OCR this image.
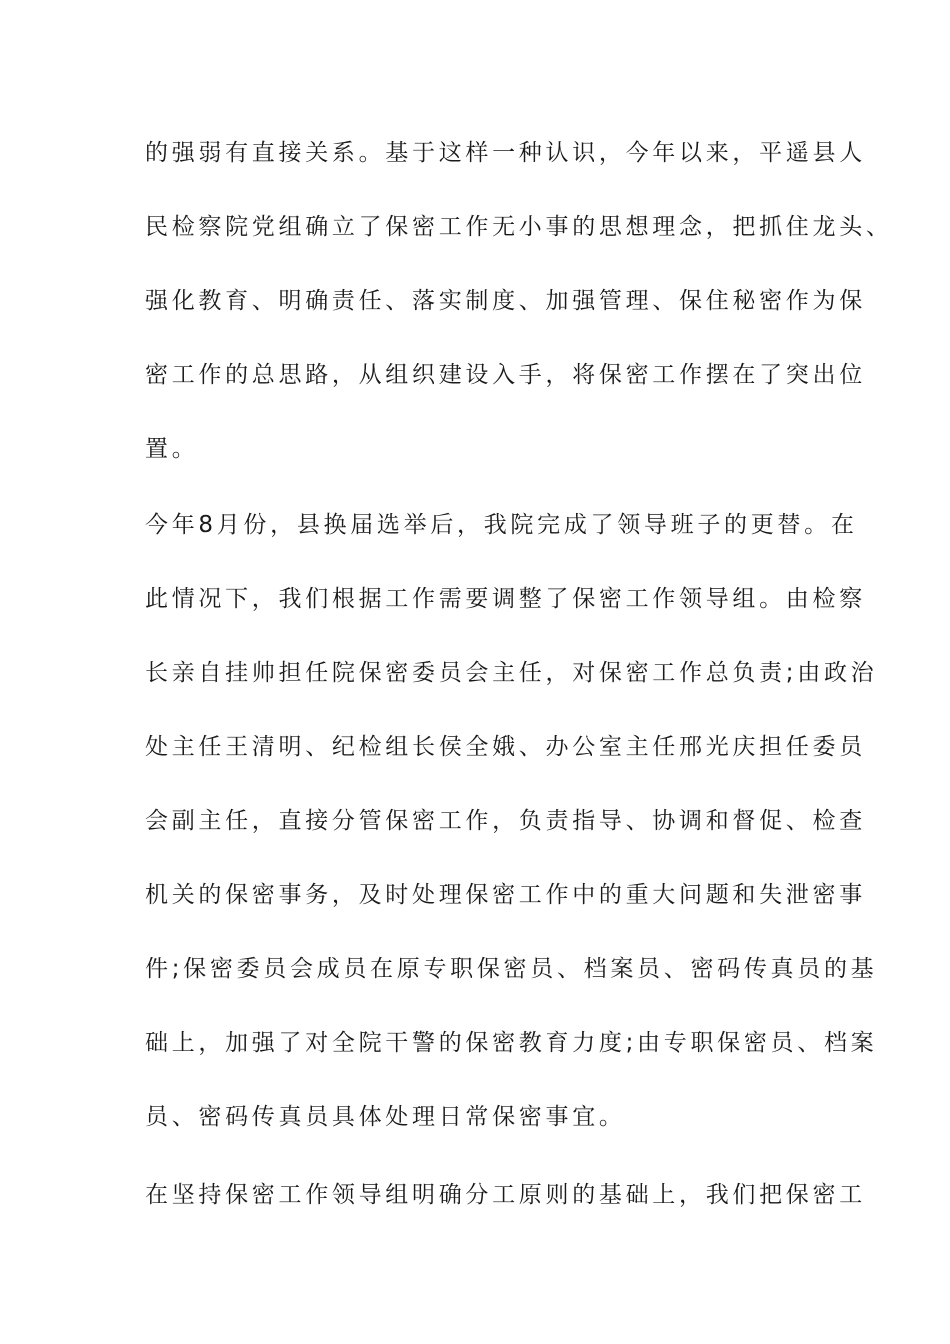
的强弱有直接关系。基于这样一种认识，今年以来，平遥县人
民检察院党组确立了保密工作无小事的思想理念，把抓住龙头、
强化教育、明确责任、落实制度、加强管理、保住秘密作为保
密工作的总思路，从组织建设入手，将保密工作摆在了突出位
置。
今年8月份，县换届选举后，我院完成了领导班子的更替。在
此情况下，我们根据工作需要调整了保密工作领导组。由检察
长亲自挂帅担任院保密委员会主任，对保密工作总负责;由政治
处主任王清明、纪检组长侯全娥、办公室主任邢光庆担任委员
会副主任，直接分管保密工作，负责指导、协调和督促、检查
机关的保密事务，及时处理保密工作中的重大问题和失泄密事
件;保密委员会成员在原专职保密员、档案员、密码传真员的基
础上，加强了对全院干警的保密教育力度;由专职保密员、档案
员、密码传真员具体处理日常保密事宜。
在坚持保密工作领导组明确分工原则的基础上，我们把保密工
